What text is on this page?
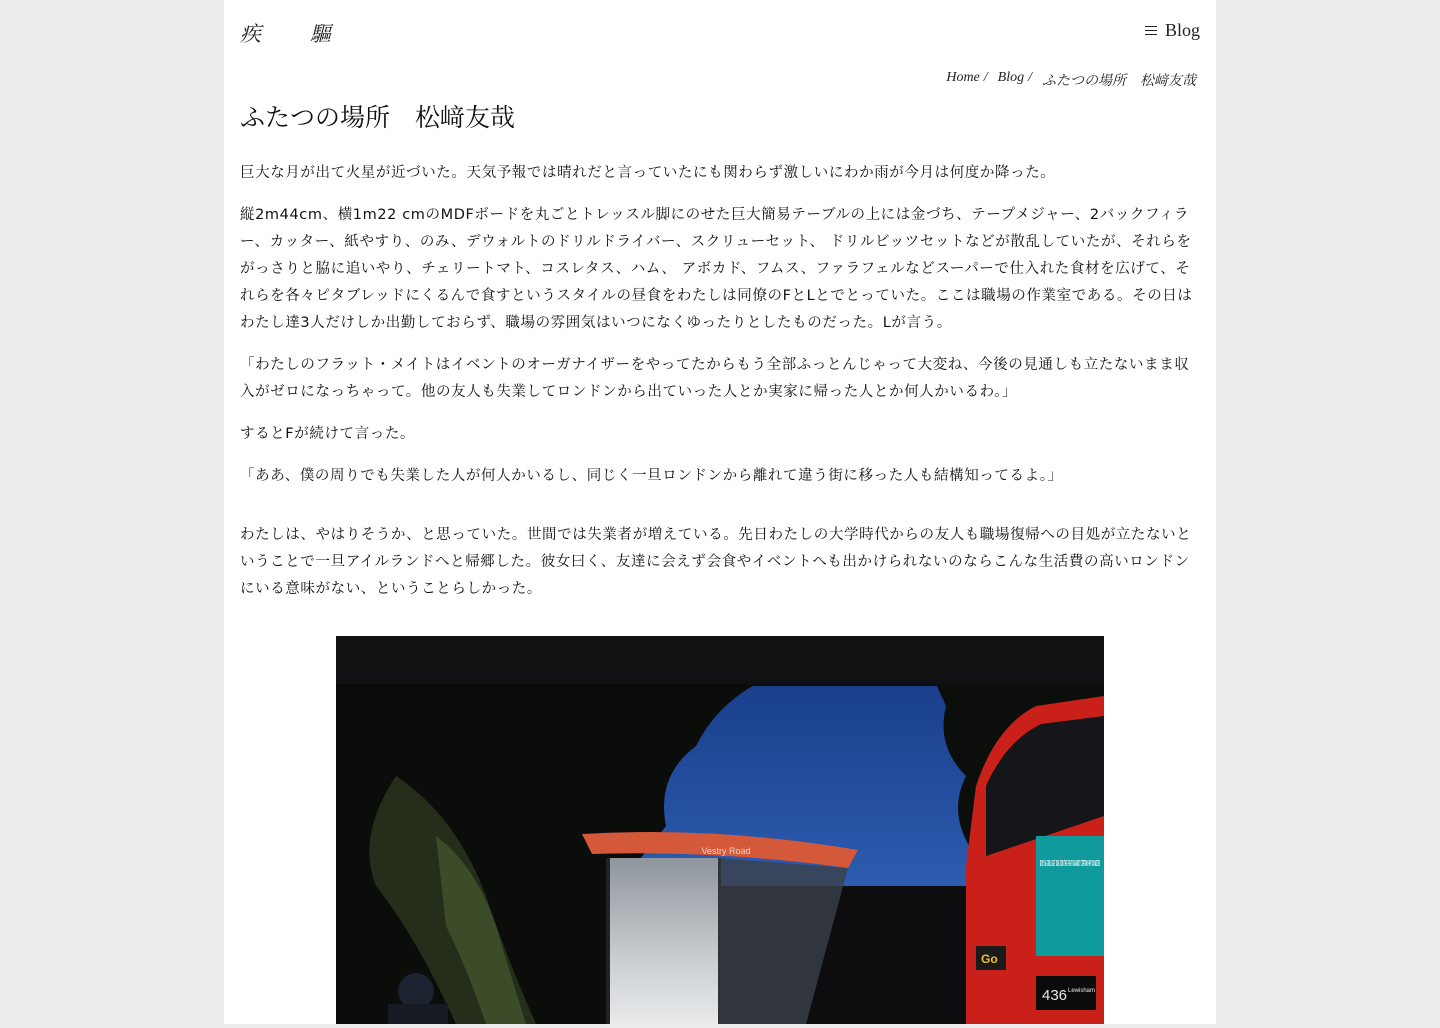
疾　驅	Blog
Home / Blog / ふたつの場所　松﨑友哉
ふたつの場所　松﨑友哉

巨大な月が出て火星が近づいた。天気予報では晴れだと言っていたにも関わらず激しいにわか雨が今月は何度か降った。

縦2m44cm、横1m22 cmのMDFボードを丸ごとトレッスル脚にのせた巨大簡易テーブルの上には金づち、テープメジャー、2バックフィラー、カッター、紙やすり、のみ、デウォルトのドリルドライバー、スクリューセット、 ドリルビッツセットなどが散乱していたが、それらをがっさりと脇に追いやり、チェリートマト、コスレタス、ハム、 アボカド、フムス、ファラフェルなどスーパーで仕入れた食材を広げて、それらを各々ピタブレッドにくるんで食すというスタイルの昼食をわたしは同僚のFとLとでとっていた。ここは職場の作業室である。その日はわたし達3人だけしか出勤しておらず、職場の雰囲気はいつになくゆったりとしたものだった。Lが言う。

「わたしのフラット・メイトはイベントのオーガナイザーをやってたからもう全部ふっとんじゃって大変ね、今後の見通しも立たないまま収入がゼロになっちゃって。他の友人も失業してロンドンから出ていった人とか実家に帰った人とか何人かいるわ。」

するとFが続けて言った。

「ああ、僕の周りでも失業した人が何人かいるし、同じく一旦ロンドンから離れて違う街に移った人も結構知ってるよ。」

わたしは、やはりそうか、と思っていた。世間では失業者が増えている。先日わたしの大学時代からの友人も職場復帰への目処が立たないということで一旦アイルランドへと帰郷した。彼女曰く、友達に会えず会食やイベントへも出かけられないのならこんな生活費の高いロンドンにいる意味がない、ということらしかった。

Vestry Road
BOYS & GIRLS GET ONE JOIN THE FIGHT AGAINST CERTAIN HPV CANCERS
Go
436 Lewisham
